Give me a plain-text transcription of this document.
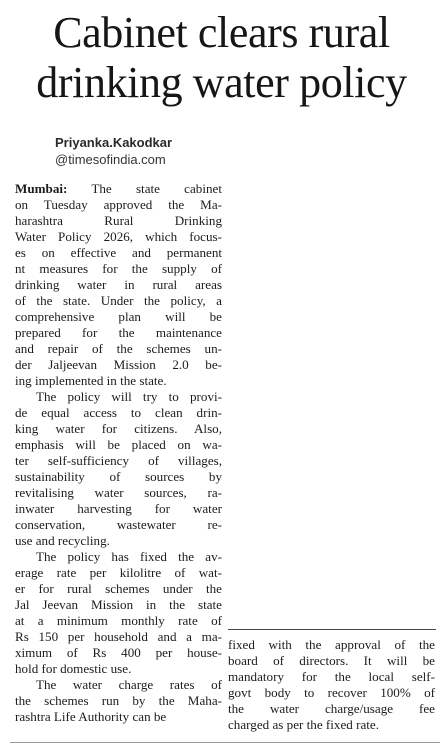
Cabinet clears rural
drinking water policy
Priyanka.Kakodkar
@timesofindia.com
Mumbai: The state cabinet
on Tuesday approved the Ma-
harashtra Rural Drinking
Water Policy 2026, which focus-
es on effective and permanent
nt measures for the supply of
drinking water in rural areas
of the state. Under the policy, a
comprehensive plan will be
prepared for the maintenance
and repair of the schemes un-
der Jaljeevan Mission 2.0 be-
ing implemented in the state.
The policy will try to provi-
de equal access to clean drin-
king water for citizens. Also,
emphasis will be placed on wa-
ter self-sufficiency of villages,
sustainability of sources by
revitalising water sources, ra-
inwater harvesting for water
conservation, wastewater re-
use and recycling.
The policy has fixed the av-
erage rate per kilolitre of wat-
er for rural schemes under the
Jal Jeevan Mission in the state
at a minimum monthly rate of
Rs 150 per household and a ma-
ximum of Rs 400 per house-
hold for domestic use.
The water charge rates of
the schemes run by the Maha-
rashtra Life Authority can be
fixed with the approval of the
board of directors. It will be
mandatory for the local self-
govt body to recover 100% of
the water charge/usage fee
charged as per the fixed rate.
